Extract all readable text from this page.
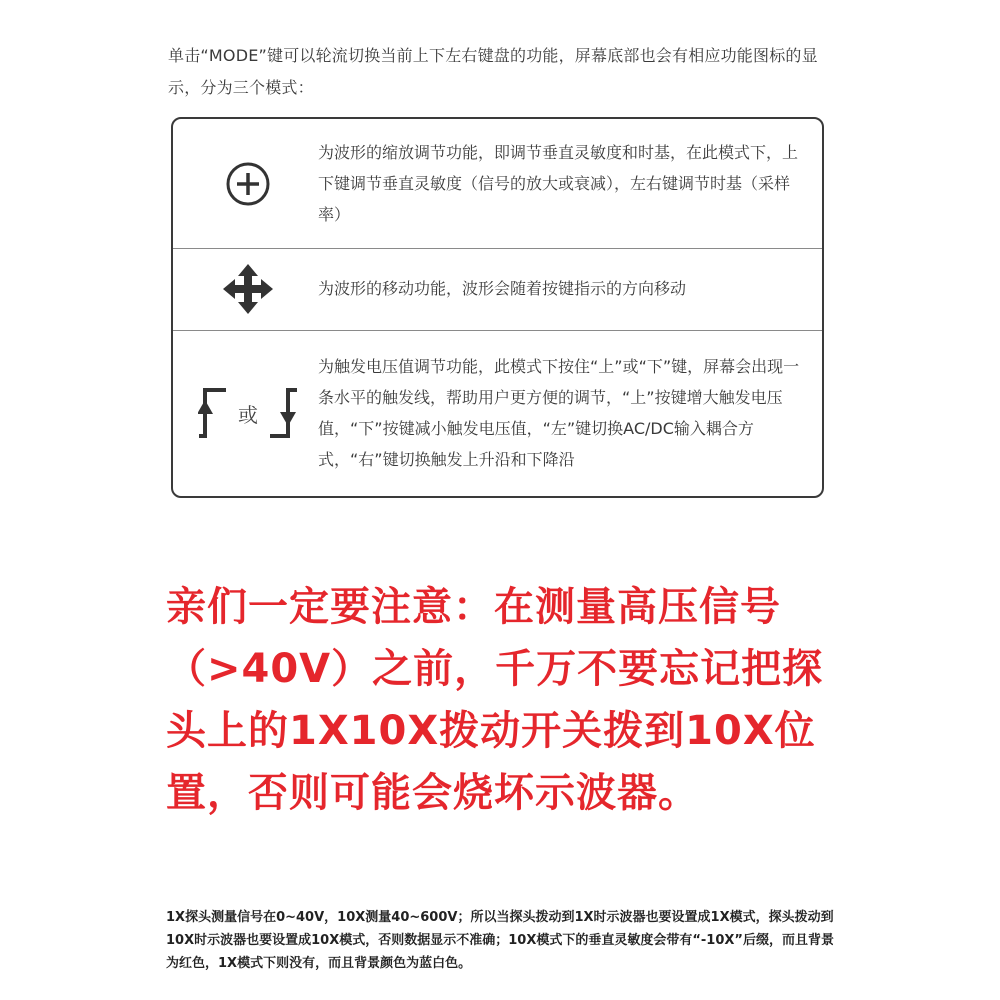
单击“MODE”键可以轮流切换当前上下左右键盘的功能，屏幕底部也会有相应功能图标的显示，分为三个模式：
为波形的缩放调节功能，即调节垂直灵敏度和时基，在此模式下，上下键调节垂直灵敏度（信号的放大或衰减），左右键调节时基（采样率）
为波形的移动功能，波形会随着按键指示的方向移动
或
为触发电压值调节功能，此模式下按住“上”或“下”键，屏幕会出现一条水平的触发线，帮助用户更方便的调节，“上”按键增大触发电压值，“下”按键减小触发电压值，“左”键切换AC/DC输入耦合方式，“右”键切换触发上升沿和下降沿
亲们一定要注意：在测量高压信号（>40V）之前，千万不要忘记把探头上的1X10X拨动开关拨到10X位置，否则可能会烧坏示波器。
1X探头测量信号在0~40V，10X测量40~600V；所以当探头拨动到1X时示波器也要设置成1X模式，探头拨动到10X时示波器也要设置成10X模式，否则数据显示不准确；10X模式下的垂直灵敏度会带有“-10X”后缀，而且背景为红色，1X模式下则没有，而且背景颜色为蓝白色。
